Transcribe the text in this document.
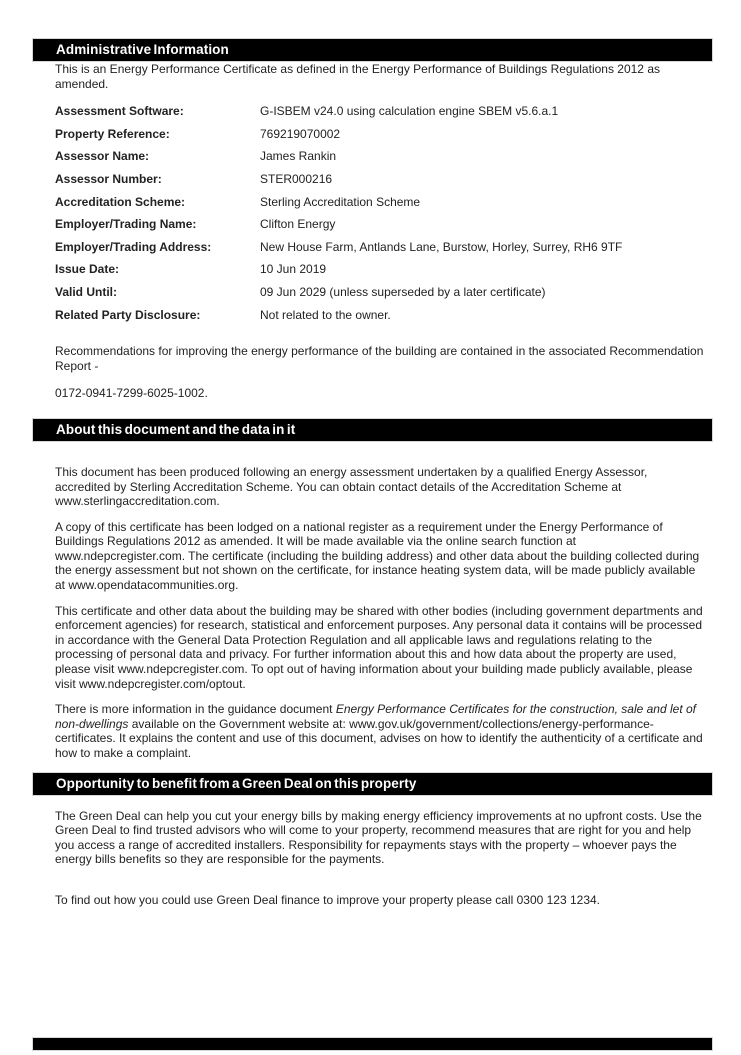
Administrative Information

This is an Energy Performance Certificate as defined in the Energy Performance of Buildings Regulations 2012 as amended.

Assessment Software:	G-ISBEM v24.0 using calculation engine SBEM v5.6.a.1
Property Reference:	769219070002
Assessor Name:	James Rankin
Assessor Number:	STER000216
Accreditation Scheme:	Sterling Accreditation Scheme
Employer/Trading Name:	Clifton Energy
Employer/Trading Address:	New House Farm, Antlands Lane, Burstow, Horley, Surrey, RH6 9TF
Issue Date:	10 Jun 2019
Valid Until:	09 Jun 2029 (unless superseded by a later certificate)
Related Party Disclosure:	Not related to the owner.
Recommendations for improving the energy performance of the building are contained in the associated Recommendation Report -
0172-0941-7299-6025-1002.
About this document and the data in it

This document has been produced following an energy assessment undertaken by a qualified Energy Assessor, accredited by Sterling Accreditation Scheme. You can obtain contact details of the Accreditation Scheme at www.sterlingaccreditation.com.

A copy of this certificate has been lodged on a national register as a requirement under the Energy Performance of Buildings Regulations 2012 as amended. It will be made available via the online search function at www.ndepcregister.com. The certificate (including the building address) and other data about the building collected during the energy assessment but not shown on the certificate, for instance heating system data, will be made publicly available at www.opendatacommunities.org.

This certificate and other data about the building may be shared with other bodies (including government departments and enforcement agencies) for research, statistical and enforcement purposes. Any personal data it contains will be processed in accordance with the General Data Protection Regulation and all applicable laws and regulations relating to the processing of personal data and privacy. For further information about this and how data about the property are used, please visit www.ndepcregister.com. To opt out of having information about your building made publicly available, please visit www.ndepcregister.com/optout.

There is more information in the guidance document Energy Performance Certificates for the construction, sale and let of non-dwellings available on the Government website at: www.gov.uk/government/collections/energy-performance-certificates. It explains the content and use of this document, advises on how to identify the authenticity of a certificate and how to make a complaint.

Opportunity to benefit from a Green Deal on this property

The Green Deal can help you cut your energy bills by making energy efficiency improvements at no upfront costs. Use the Green Deal to find trusted advisors who will come to your property, recommend measures that are right for you and help you access a range of accredited installers. Responsibility for repayments stays with the property – whoever pays the energy bills benefits so they are responsible for the payments.

To find out how you could use Green Deal finance to improve your property please call 0300 123 1234.
